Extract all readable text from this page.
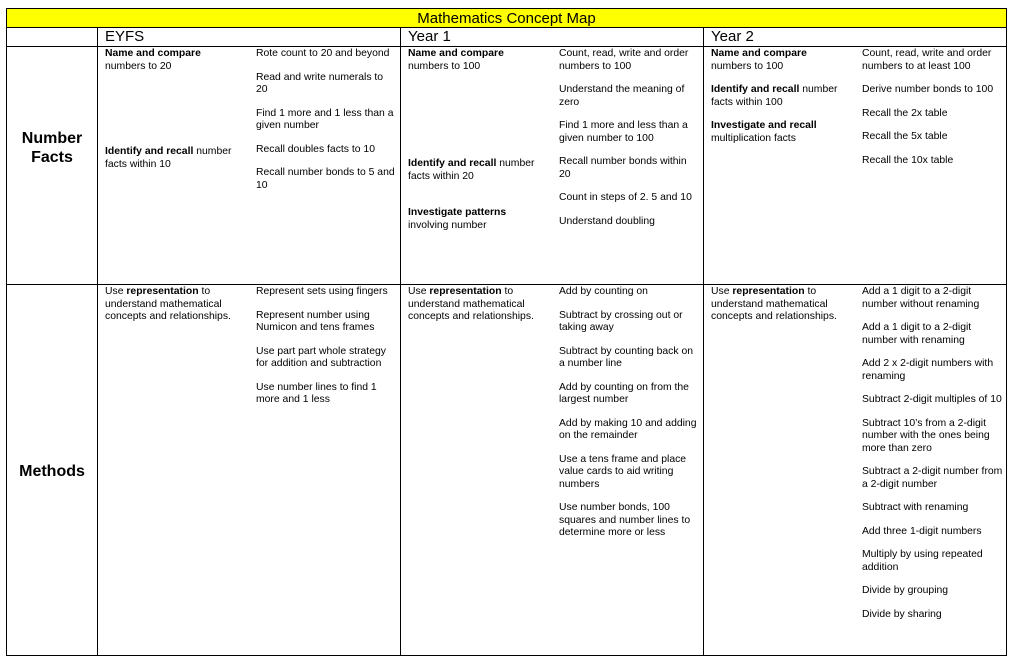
Mathematics Concept Map
EYFS	Year 1	Year 2
Number Facts
Methods
Name and compare
numbers to 20
Identify and recall number facts within 10
Rote count to 20 and beyond
Read and write numerals to 20
Find 1 more and 1 less than a given number
Recall doubles facts to 10
Recall number bonds to 5 and 10
Name and compare
numbers to 100
Identify and recall number facts within 20
Investigate patterns
involving number
Count, read, write and order numbers to 100
Understand the meaning of zero
Find 1 more and less than a given number to 100
Recall number bonds within 20
Count in steps of 2. 5 and 10
Understand doubling
Name and compare
numbers to 100
Identify and recall number facts within 100
Investigate and recall
multiplication facts
Count, read, write and order numbers to at least 100
Derive number bonds to 100
Recall the 2x table
Recall the 5x table
Recall the 10x table
Use representation to understand mathematical concepts and relationships.
Use representation to understand mathematical concepts and relationships.
Use representation to understand mathematical concepts and relationships.
Represent sets using fingers
Represent number using Numicon and tens frames
Use part part whole strategy for addition and subtraction
Use number lines to find 1 more and 1 less
Add by counting on
Subtract by crossing out or taking away
Subtract by counting back on a number line
Add by counting on from the largest number
Add by making 10 and adding on the remainder
Use a tens frame and place value cards to aid writing numbers
Use number bonds, 100 squares and number lines to determine more or less
Add a 1 digit to a 2-digit number without renaming
Add a 1 digit to a 2-digit number with renaming
Add 2 x 2-digit numbers with renaming
Subtract 2-digit multiples of 10
Subtract 10’s from a 2-digit number with the ones being more than zero
Subtract a 2-digit number from a 2-digit number
Subtract with renaming
Add three 1-digit numbers
Multiply by using repeated addition
Divide by grouping
Divide by sharing
